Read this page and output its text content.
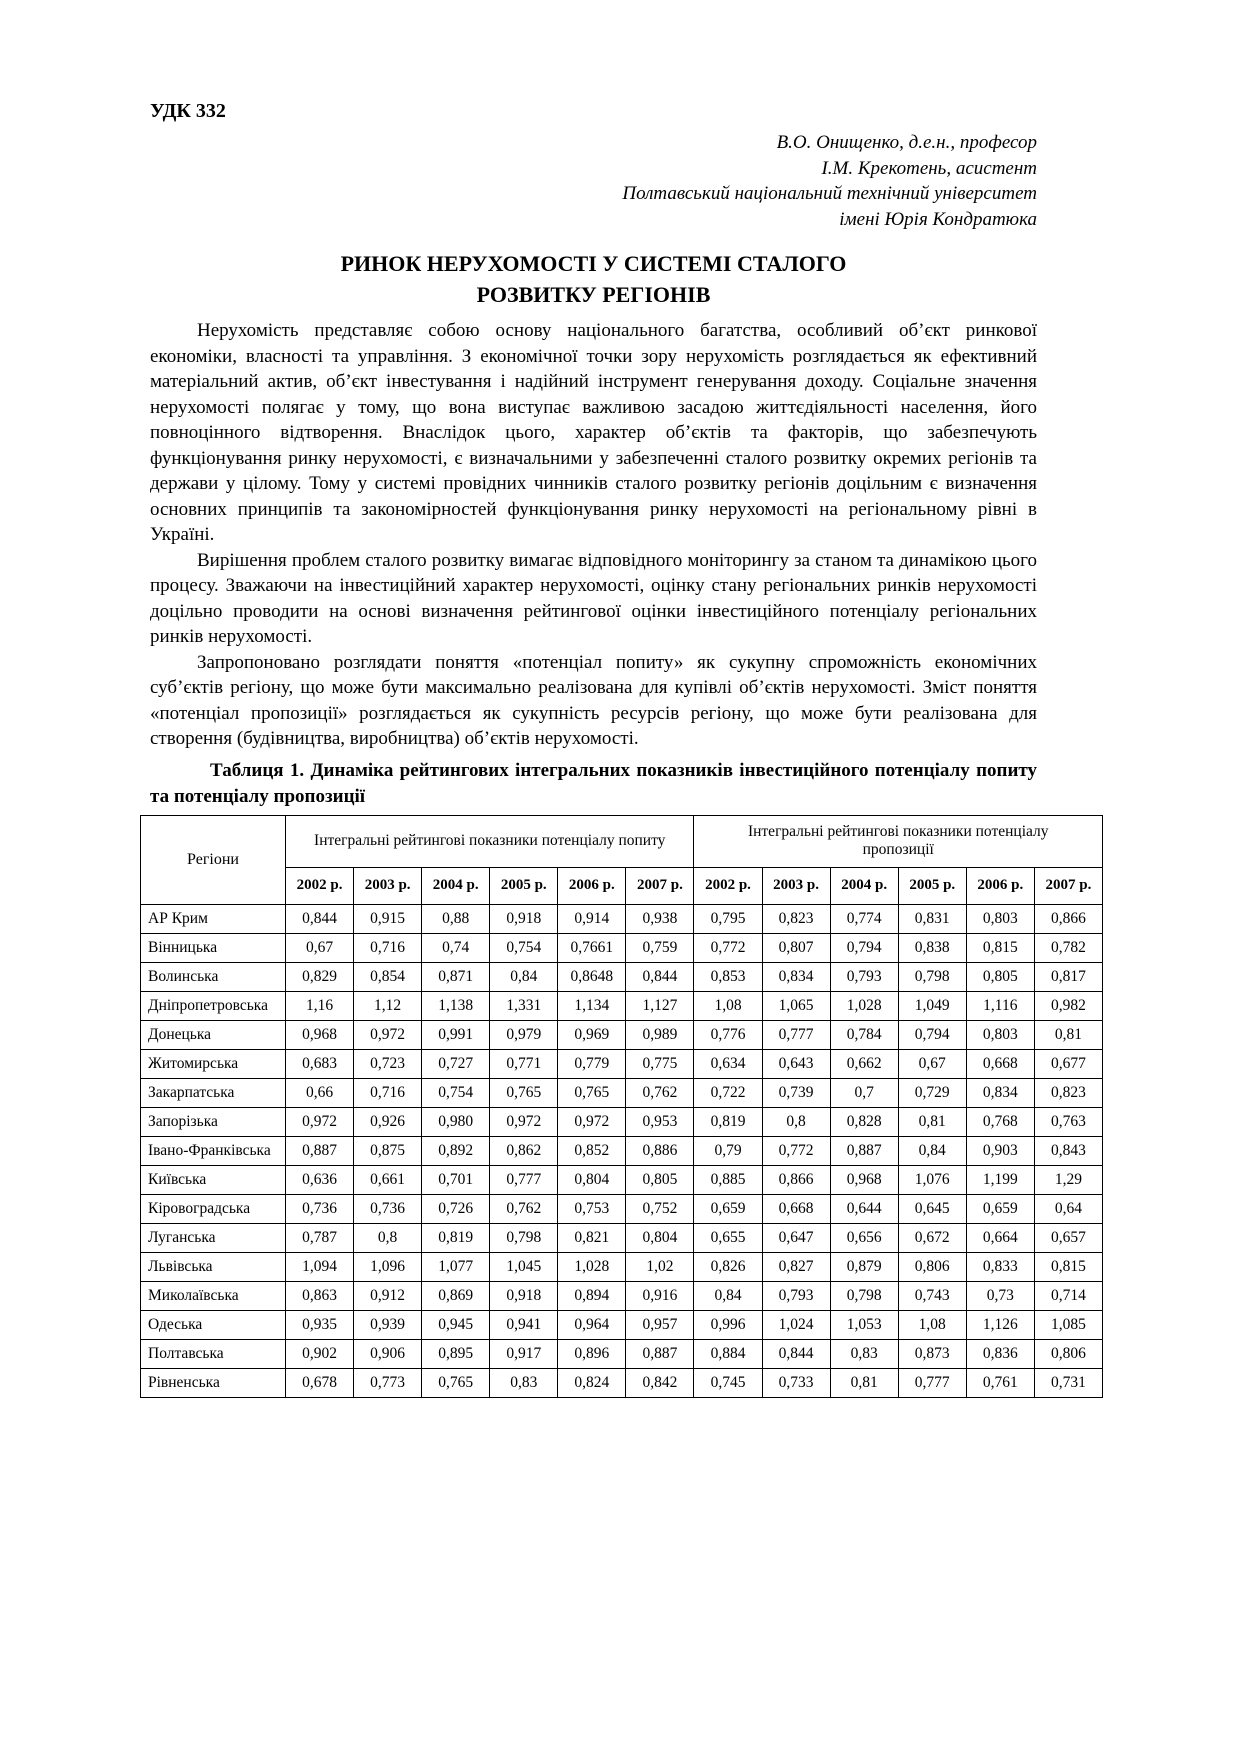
УДК 332
В.О. Онищенко, д.е.н., професор
І.М. Крекотень, асистент
Полтавський національний технічний університет
імені Юрія Кондратюка
РИНОК НЕРУХОМОСТІ У СИСТЕМІ СТАЛОГО
РОЗВИТКУ РЕГІОНІВ

Нерухомість представляє собою основу національного багатства, особливий об’єкт ринкової економіки, власності та управління. З економічної точки зору нерухомість розглядається як ефективний матеріальний актив, об’єкт інвестування і надійний інструмент генерування доходу. Соціальне значення нерухомості полягає у тому, що вона виступає важливою засадою життєдіяльності населення, його повноцінного відтворення. Внаслідок цього, характер об’єктів та факторів, що забезпечують функціонування ринку нерухомості, є визначальними у забезпеченні сталого розвитку окремих регіонів та держави у цілому. Тому у системі провідних чинників сталого розвитку регіонів доцільним є визначення основних принципів та закономірностей функціонування ринку нерухомості на регіональному рівні в Україні.

Вирішення проблем сталого розвитку вимагає відповідного моніторингу за станом та динамікою цього процесу. Зважаючи на інвестиційний характер нерухомості, оцінку стану регіональних ринків нерухомості доцільно проводити на основі визначення рейтингової оцінки інвестиційного потенціалу регіональних ринків нерухомості.

Запропоновано розглядати поняття «потенціал попиту» як сукупну спроможність економічних суб’єктів регіону, що може бути максимально реалізована для купівлі об’єктів нерухомості. Зміст поняття «потенціал пропозиції» розглядається як сукупність ресурсів регіону, що може бути реалізована для створення (будівництва, виробництва) об’єктів нерухомості.

Таблиця 1. Динаміка рейтингових інтегральних показників інвестиційного потенціалу попиту та потенціалу пропозиції
Регіони	Інтегральні рейтингові показники потенціалу попиту						Інтегральні рейтингові показники потенціалу пропозиції					
	2002 р.	2003 р.	2004 р.	2005 р.	2006 р.	2007 р.	2002 р.	2003 р.	2004 р.	2005 р.	2006 р.	2007 р.
АР Крим	0,844	0,915	0,88	0,918	0,914	0,938	0,795	0,823	0,774	0,831	0,803	0,866
Вінницька	0,67	0,716	0,74	0,754	0,7661	0,759	0,772	0,807	0,794	0,838	0,815	0,782
Волинська	0,829	0,854	0,871	0,84	0,8648	0,844	0,853	0,834	0,793	0,798	0,805	0,817
Дніпропетровська	1,16	1,12	1,138	1,331	1,134	1,127	1,08	1,065	1,028	1,049	1,116	0,982
Донецька	0,968	0,972	0,991	0,979	0,969	0,989	0,776	0,777	0,784	0,794	0,803	0,81
Житомирська	0,683	0,723	0,727	0,771	0,779	0,775	0,634	0,643	0,662	0,67	0,668	0,677
Закарпатська	0,66	0,716	0,754	0,765	0,765	0,762	0,722	0,739	0,7	0,729	0,834	0,823
Запорізька	0,972	0,926	0,980	0,972	0,972	0,953	0,819	0,8	0,828	0,81	0,768	0,763
Івано-Франківська	0,887	0,875	0,892	0,862	0,852	0,886	0,79	0,772	0,887	0,84	0,903	0,843
Київська	0,636	0,661	0,701	0,777	0,804	0,805	0,885	0,866	0,968	1,076	1,199	1,29
Кіровоградська	0,736	0,736	0,726	0,762	0,753	0,752	0,659	0,668	0,644	0,645	0,659	0,64
Луганська	0,787	0,8	0,819	0,798	0,821	0,804	0,655	0,647	0,656	0,672	0,664	0,657
Львівська	1,094	1,096	1,077	1,045	1,028	1,02	0,826	0,827	0,879	0,806	0,833	0,815
Миколаївська	0,863	0,912	0,869	0,918	0,894	0,916	0,84	0,793	0,798	0,743	0,73	0,714
Одеська	0,935	0,939	0,945	0,941	0,964	0,957	0,996	1,024	1,053	1,08	1,126	1,085
Полтавська	0,902	0,906	0,895	0,917	0,896	0,887	0,884	0,844	0,83	0,873	0,836	0,806
Рівненська	0,678	0,773	0,765	0,83	0,824	0,842	0,745	0,733	0,81	0,777	0,761	0,731
